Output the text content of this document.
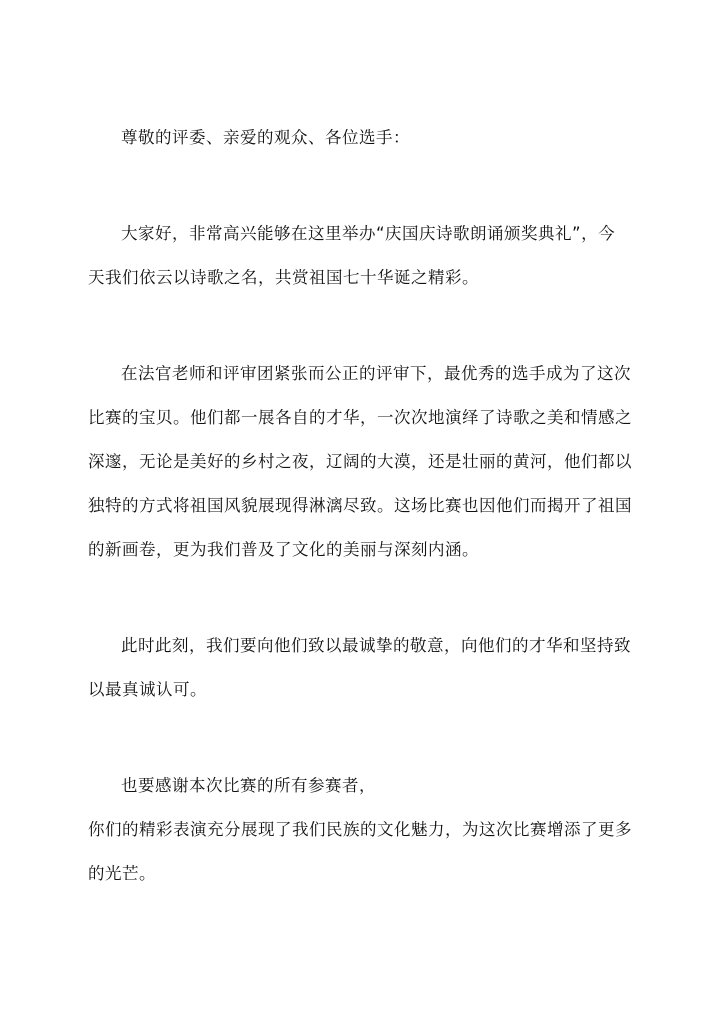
尊敬的评委、亲爱的观众、各位选手：
大家好，非常高兴能够在这里举办“庆国庆诗歌朗诵颁奖典礼”，今
天我们依云以诗歌之名，共赏祖国七十华诞之精彩。
在法官老师和评审团紧张而公正的评审下，最优秀的选手成为了这次
比赛的宝贝。他们都一展各自的才华，一次次地演绎了诗歌之美和情感之
深邃，无论是美好的乡村之夜，辽阔的大漠，还是壮丽的黄河，他们都以
独特的方式将祖国风貌展现得淋漓尽致。这场比赛也因他们而揭开了祖国
的新画卷，更为我们普及了文化的美丽与深刻内涵。
此时此刻，我们要向他们致以最诚挚的敬意，向他们的才华和坚持致
以最真诚认可。
也要感谢本次比赛的所有参赛者，
你们的精彩表演充分展现了我们民族的文化魅力，为这次比赛增添了更多
的光芒。
